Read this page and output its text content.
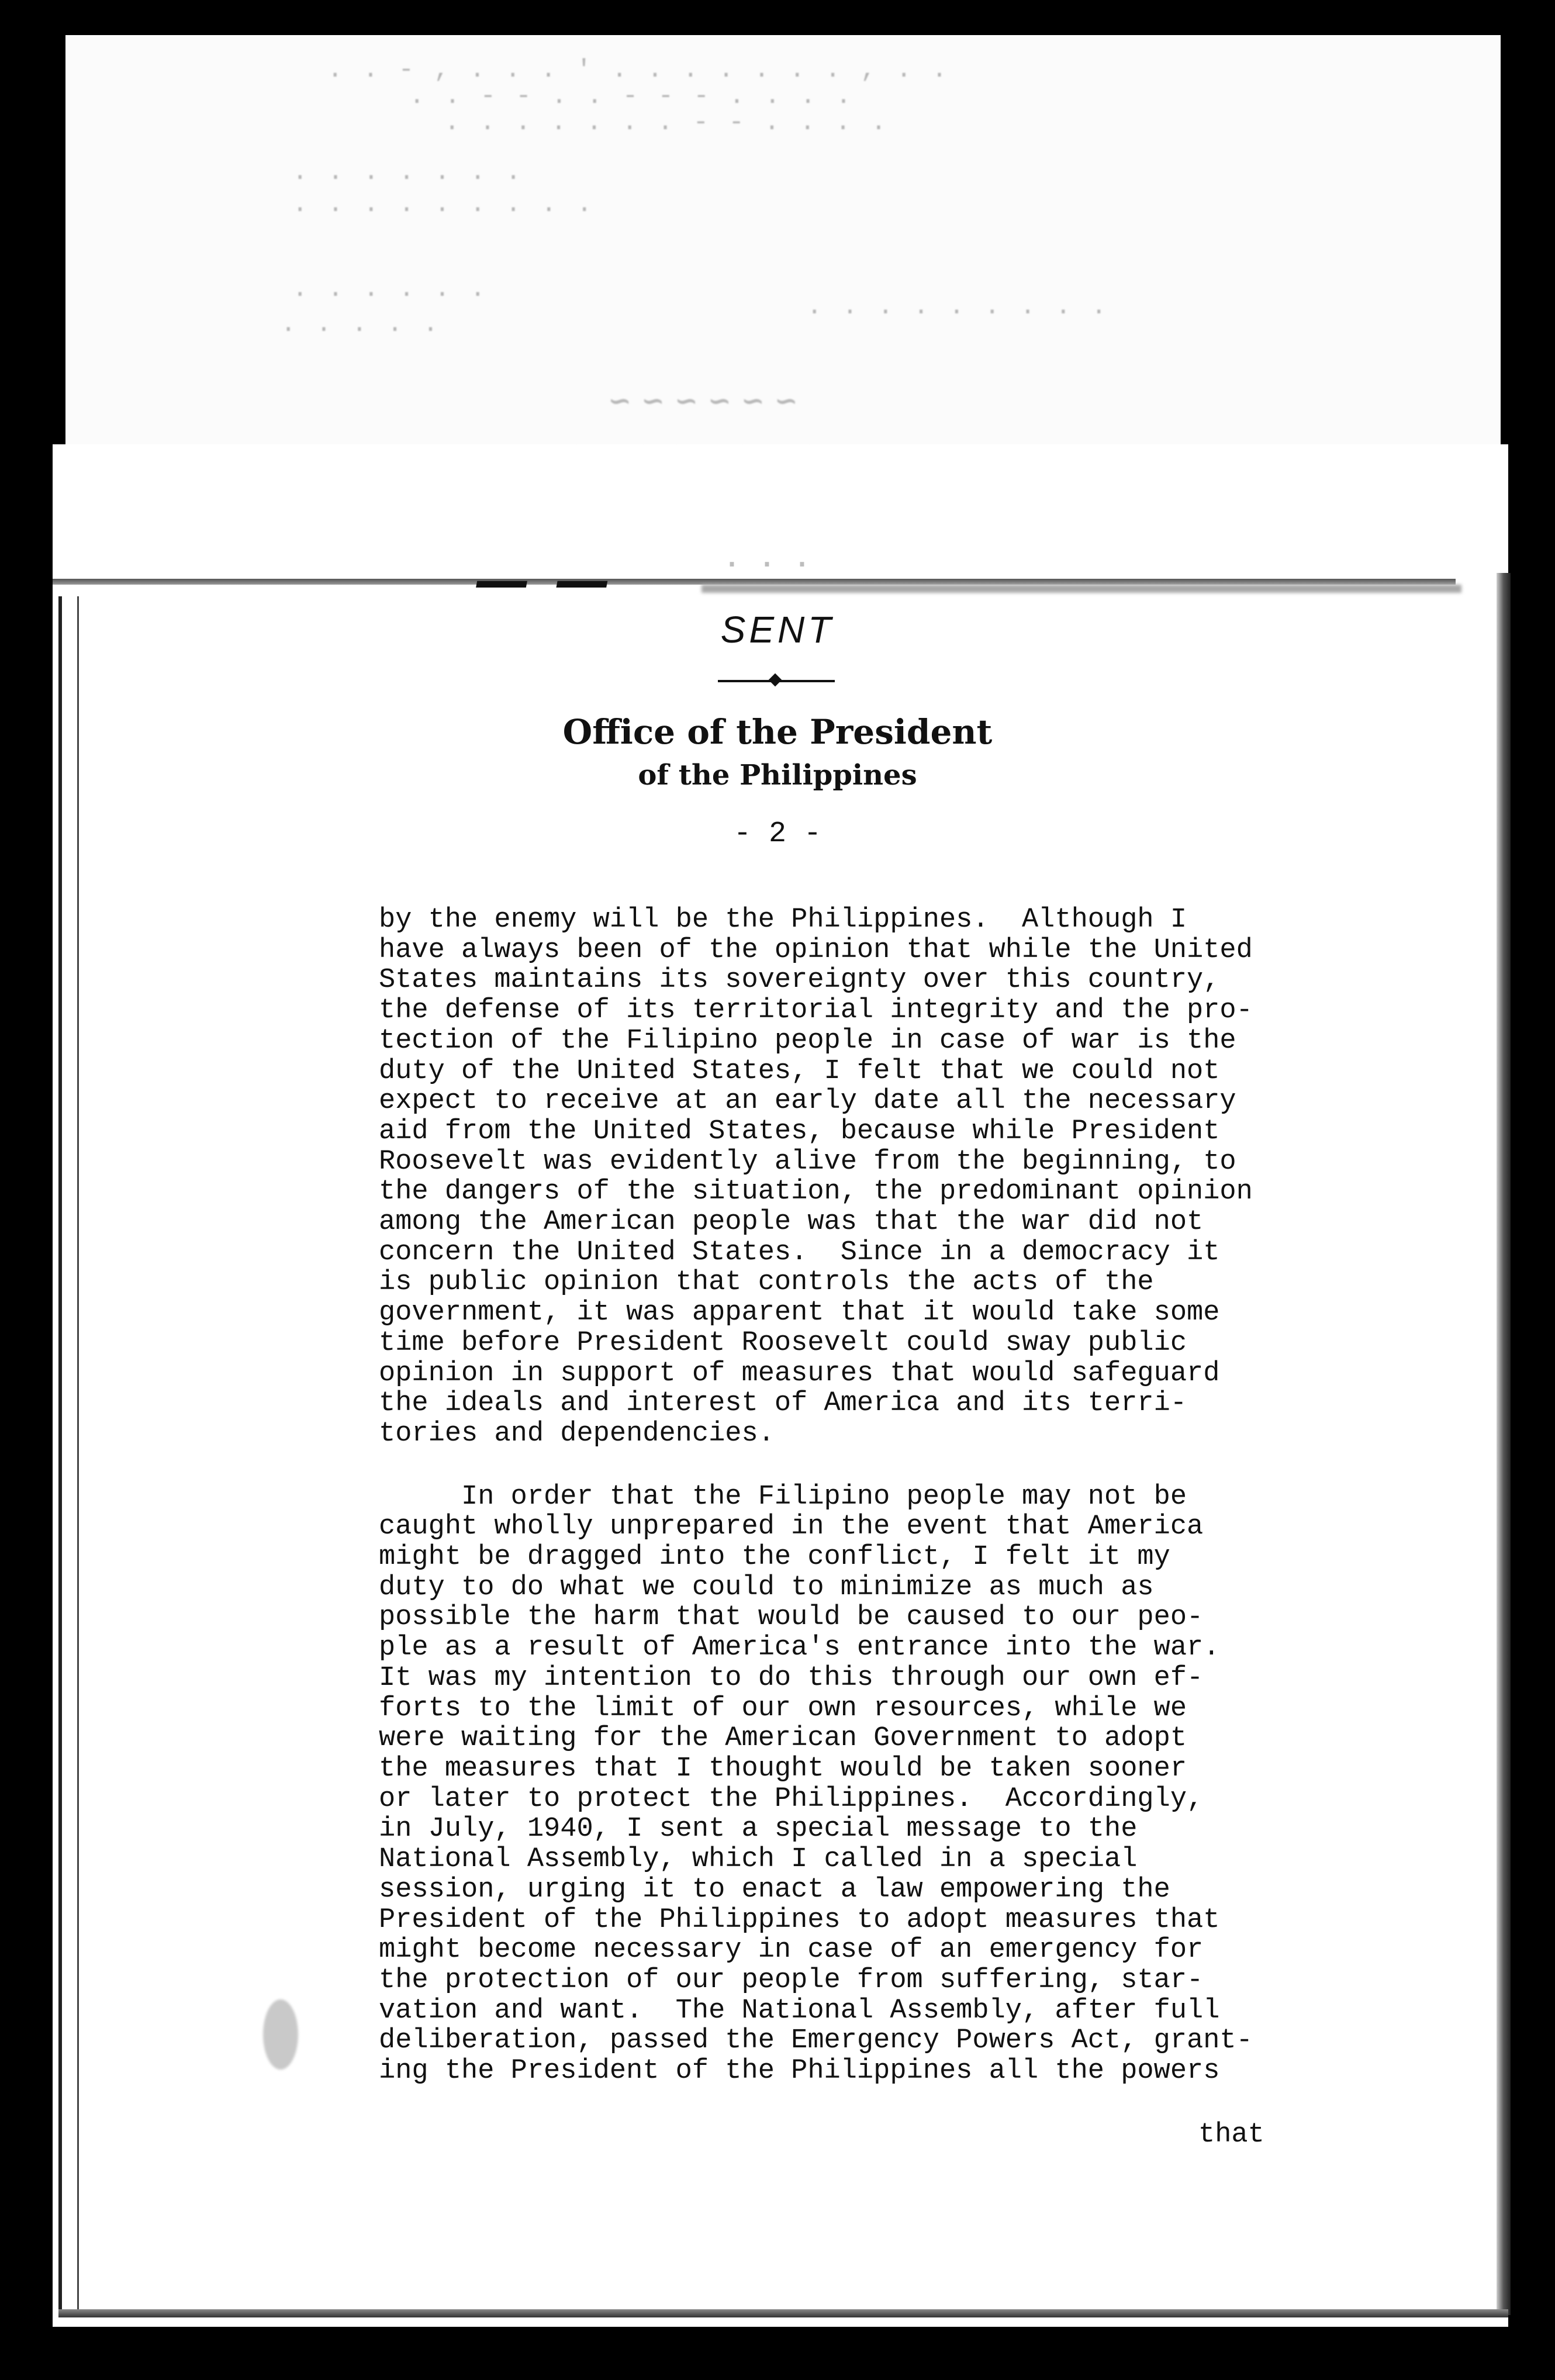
. . - , . . . ' . . . . . . . , . .
. . - - . . - - - . . . .
. . . . . . . - - . . . .
. . . . . . .
. . . . . . . . .
. . . . . .
. . . . .
. . . . . . . . .
~ ~ ~ ~ ~ ~
— —	· · ·
SENT
Office of the President
of the Philippines
- 2 -
by the enemy will be the Philippines.  Although I
have always been of the opinion that while the United
States maintains its sovereignty over this country,
the defense of its territorial integrity and the pro-
tection of the Filipino people in case of war is the
duty of the United States, I felt that we could not
expect to receive at an early date all the necessary
aid from the United States, because while President
Roosevelt was evidently alive from the beginning, to
the dangers of the situation, the predominant opinion
among the American people was that the war did not
concern the United States.  Since in a democracy it
is public opinion that controls the acts of the
government, it was apparent that it would take some
time before President Roosevelt could sway public
opinion in support of measures that would safeguard
the ideals and interest of America and its terri-
tories and dependencies.
In order that the Filipino people may not be
caught wholly unprepared in the event that America
might be dragged into the conflict, I felt it my
duty to do what we could to minimize as much as
possible the harm that would be caused to our peo-
ple as a result of America's entrance into the war.
It was my intention to do this through our own ef-
forts to the limit of our own resources, while we
were waiting for the American Government to adopt
the measures that I thought would be taken sooner
or later to protect the Philippines.  Accordingly,
in July, 1940, I sent a special message to the
National Assembly, which I called in a special
session, urging it to enact a law empowering the
President of the Philippines to adopt measures that
might become necessary in case of an emergency for
the protection of our people from suffering, star-
vation and want.  The National Assembly, after full
deliberation, passed the Emergency Powers Act, grant-
ing the President of the Philippines all the powers
that
